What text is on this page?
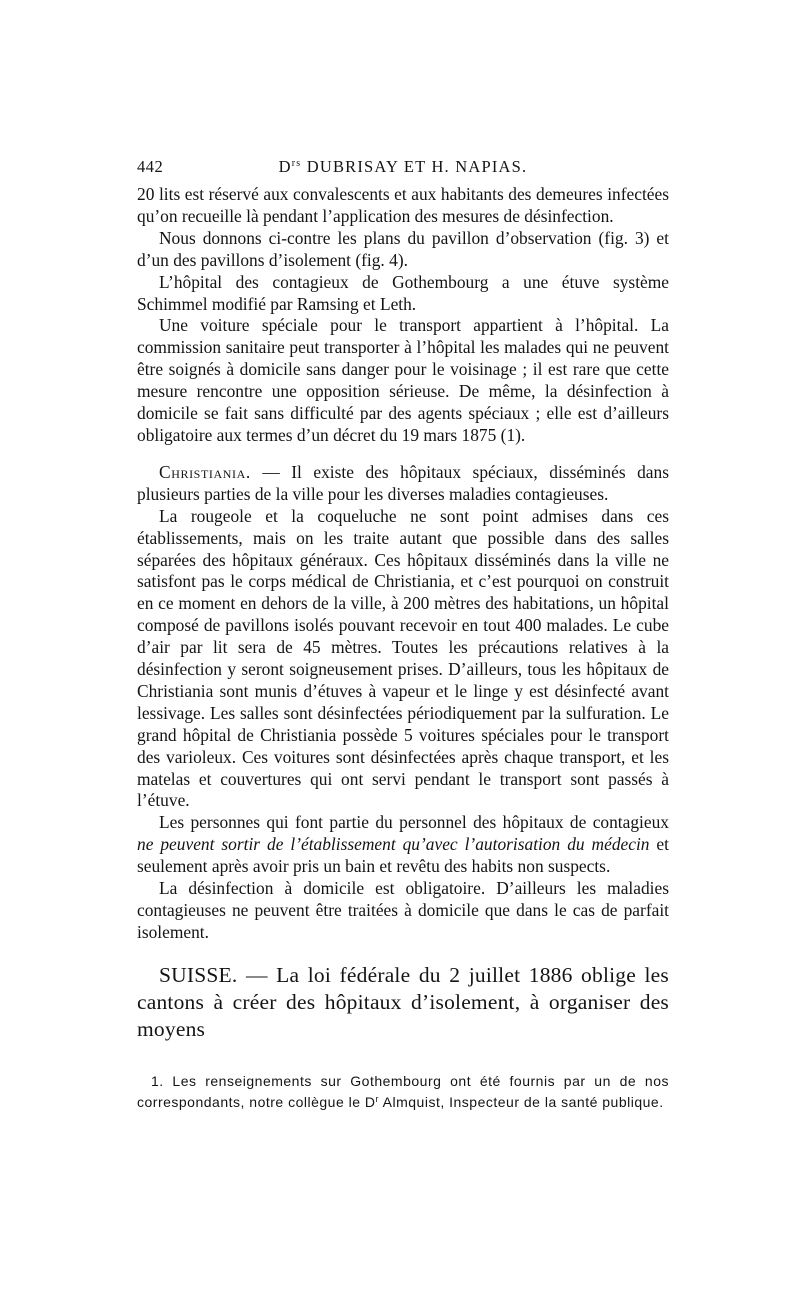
442	$D^{rs}$ DUBRISAY ET H. NAPIAS.

20 lits est réservé aux convalescents et aux habitants des demeures infectées qu’on recueille là pendant l’application des mesures de désinfection.

Nous donnons ci-contre les plans du pavillon d’observation (fig. 3) et d’un des pavillons d’isolement (fig. 4).

L’hôpital des contagieux de Gothembourg a une étuve système Schimmel modifié par Ramsing et Leth.

Une voiture spéciale pour le transport appartient à l’hôpital. La commission sanitaire peut transporter à l’hôpital les malades qui ne peuvent être soignés à domicile sans danger pour le voisinage ; il est rare que cette mesure rencontre une opposition sérieuse. De même, la désinfection à domicile se fait sans difficulté par des agents spéciaux ; elle est d’ailleurs obligatoire aux termes d’un décret du 19 mars 1875 (1).

Christiania. — Il existe des hôpitaux spéciaux, disséminés dans plusieurs parties de la ville pour les diverses maladies contagieuses.

La rougeole et la coqueluche ne sont point admises dans ces établissements, mais on les traite autant que possible dans des salles séparées des hôpitaux généraux. Ces hôpitaux disséminés dans la ville ne satisfont pas le corps médical de Christiania, et c’est pourquoi on construit en ce moment en dehors de la ville, à 200 mètres des habitations, un hôpital composé de pavillons isolés pouvant recevoir en tout 400 malades. Le cube d’air par lit sera de 45 mètres. Toutes les précautions relatives à la désinfection y seront soigneusement prises. D’ailleurs, tous les hôpitaux de Christiania sont munis d’étuves à vapeur et le linge y est désinfecté avant lessivage. Les salles sont désinfectées périodiquement par la sulfuration. Le grand hôpital de Christiania possède 5 voitures spéciales pour le transport des varioleux. Ces voitures sont désinfectées après chaque transport, et les matelas et couvertures qui ont servi pendant le transport sont passés à l’étuve.

Les personnes qui font partie du personnel des hôpitaux de contagieux ne peuvent sortir de l’établissement qu’avec l’autorisation du médecin et seulement après avoir pris un bain et revêtu des habits non suspects.

La désinfection à domicile est obligatoire. D’ailleurs les maladies contagieuses ne peuvent être traitées à domicile que dans le cas de parfait isolement.

SUISSE. — La loi fédérale du 2 juillet 1886 oblige les cantons à créer des hôpitaux d’isolement, à organiser des moyens

1. Les renseignements sur Gothembourg ont été fournis par un de nos correspondants, notre collègue le $D^r$ Almquist, Inspecteur de la santé publique.
